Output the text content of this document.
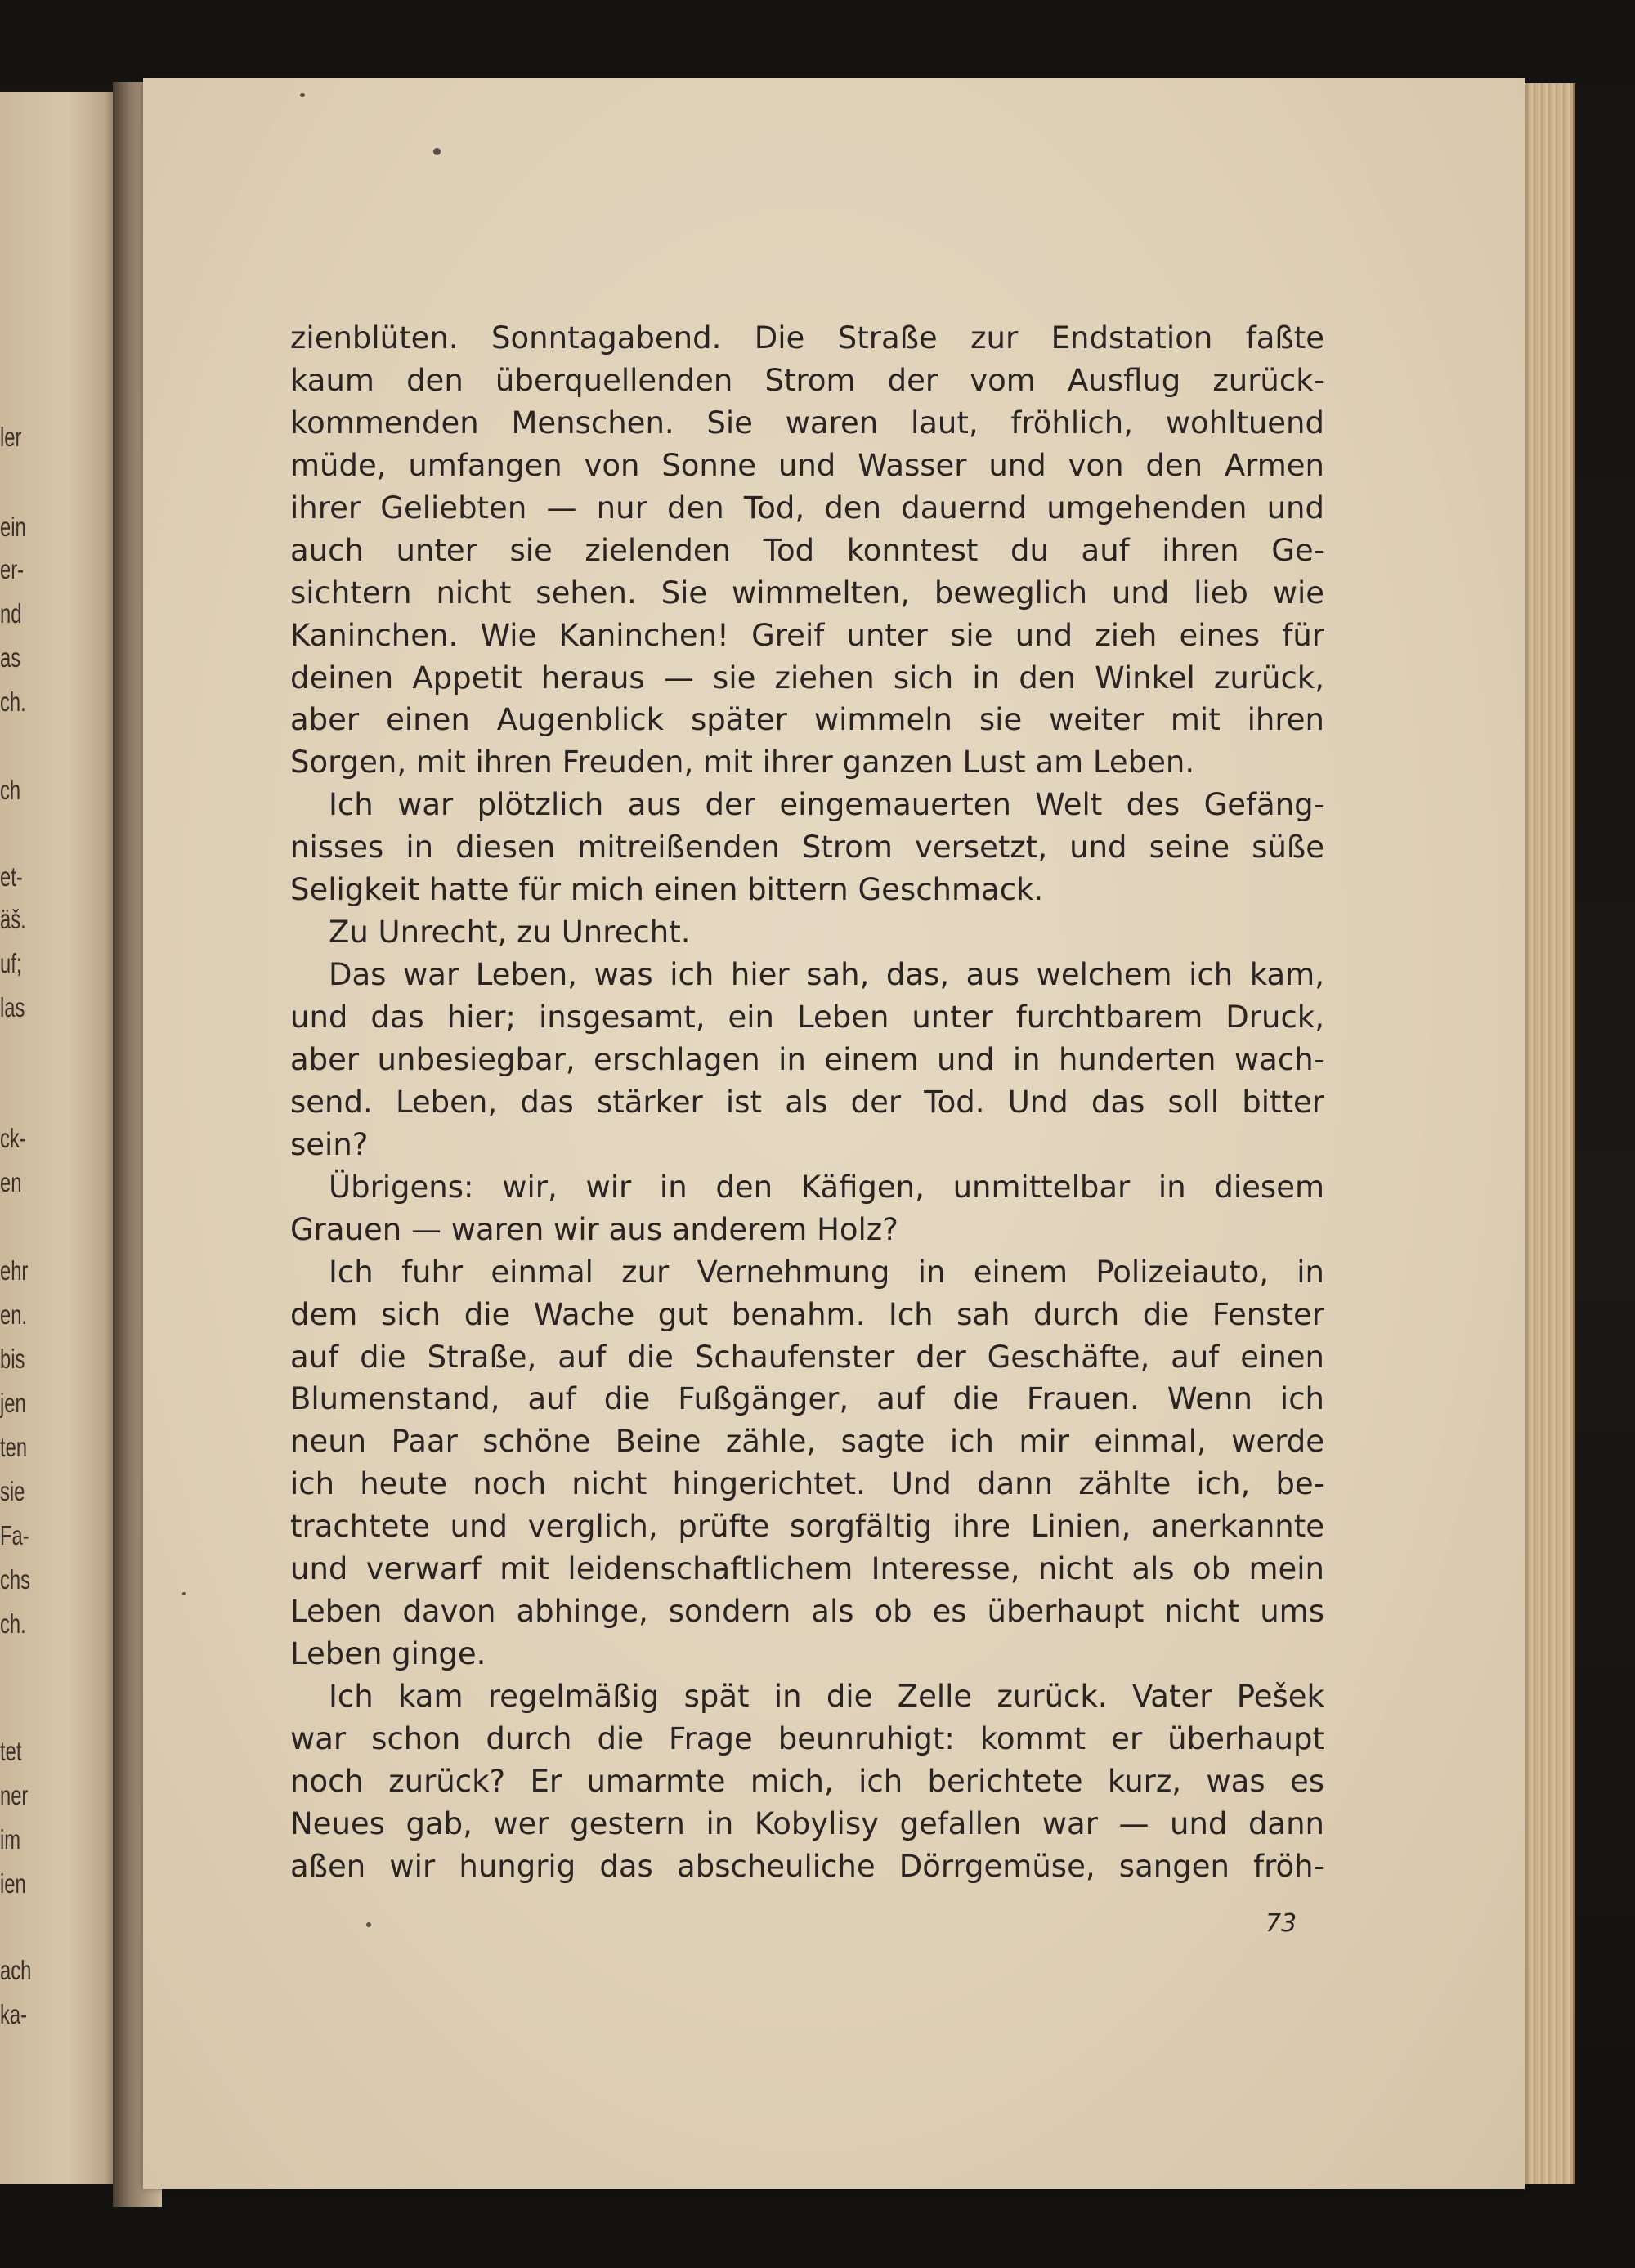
ler
ein
er-
nd
as
ch.
ch
et-
äš.
uf;
las
ck-
en
ehr
en.
bis
jen
ten
sie
Fa-
chs
ch.
tet
ner
im
ien
ach
ka-
zienblüten. Sonntagabend. Die Straße zur Endstation faßte
kaum den überquellenden Strom der vom Ausflug zurück-
kommenden Menschen. Sie waren laut, fröhlich, wohltuend
müde, umfangen von Sonne und Wasser und von den Armen
ihrer Geliebten — nur den Tod, den dauernd umgehenden und
auch unter sie zielenden Tod konntest du auf ihren Ge-
sichtern nicht sehen. Sie wimmelten, beweglich und lieb wie
Kaninchen. Wie Kaninchen! Greif unter sie und zieh eines für
deinen Appetit heraus — sie ziehen sich in den Winkel zurück,
aber einen Augenblick später wimmeln sie weiter mit ihren
Sorgen, mit ihren Freuden, mit ihrer ganzen Lust am Leben.
Ich war plötzlich aus der eingemauerten Welt des Gefäng-
nisses in diesen mitreißenden Strom versetzt, und seine süße
Seligkeit hatte für mich einen bittern Geschmack.
Zu Unrecht, zu Unrecht.
Das war Leben, was ich hier sah, das, aus welchem ich kam,
und das hier; insgesamt, ein Leben unter furchtbarem Druck,
aber unbesiegbar, erschlagen in einem und in hunderten wach-
send. Leben, das stärker ist als der Tod. Und das soll bitter
sein?
Übrigens: wir, wir in den Käfigen, unmittelbar in diesem
Grauen — waren wir aus anderem Holz?
Ich fuhr einmal zur Vernehmung in einem Polizeiauto, in
dem sich die Wache gut benahm. Ich sah durch die Fenster
auf die Straße, auf die Schaufenster der Geschäfte, auf einen
Blumenstand, auf die Fußgänger, auf die Frauen. Wenn ich
neun Paar schöne Beine zähle, sagte ich mir einmal, werde
ich heute noch nicht hingerichtet. Und dann zählte ich, be-
trachtete und verglich, prüfte sorgfältig ihre Linien, anerkannte
und verwarf mit leidenschaftlichem Interesse, nicht als ob mein
Leben davon abhinge, sondern als ob es überhaupt nicht ums
Leben ginge.
Ich kam regelmäßig spät in die Zelle zurück. Vater Pešek
war schon durch die Frage beunruhigt: kommt er überhaupt
noch zurück? Er umarmte mich, ich berichtete kurz, was es
Neues gab, wer gestern in Kobylisy gefallen war — und dann
aßen wir hungrig das abscheuliche Dörrgemüse, sangen fröh-

73
